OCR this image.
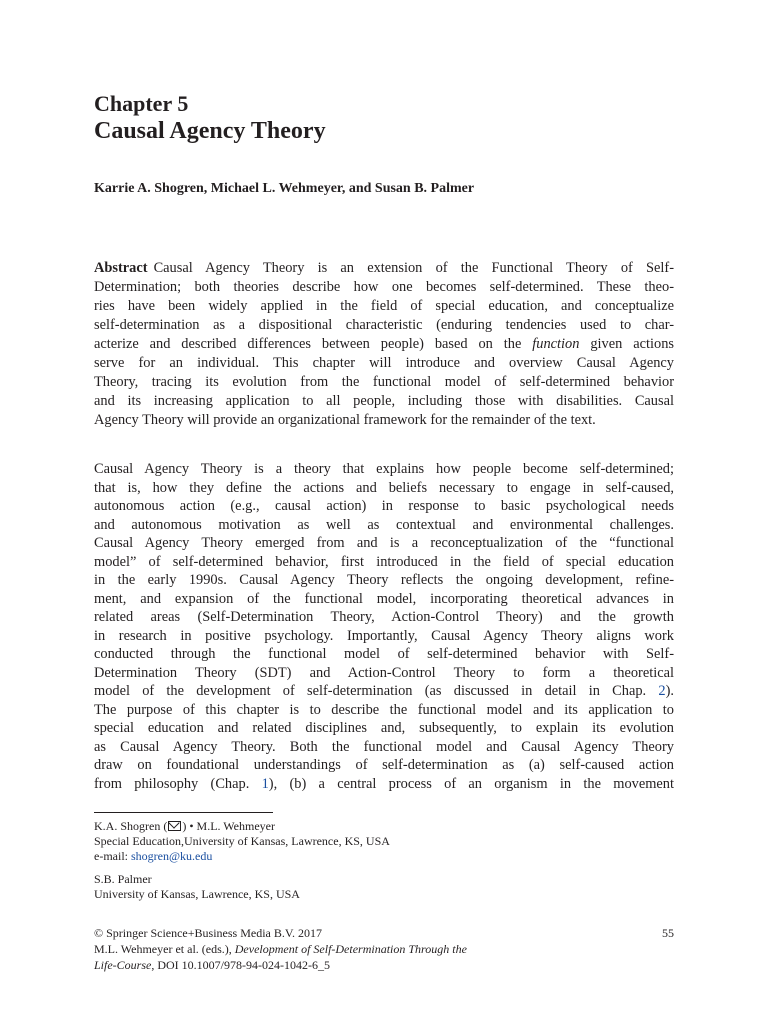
Chapter 5
Causal Agency Theory
Karrie A. Shogren, Michael L. Wehmeyer, and Susan B. Palmer
Abstract Causal Agency Theory is an extension of the Functional Theory of Self-
Determination; both theories describe how one becomes self-determined. These theo-
ries have been widely applied in the field of special education, and conceptualize
self-determination as a dispositional characteristic (enduring tendencies used to char-
acterize and described differences between people) based on the function given actions
serve for an individual. This chapter will introduce and overview Causal Agency
Theory, tracing its evolution from the functional model of self-determined behavior
and its increasing application to all people, including those with disabilities. Causal
Agency Theory will provide an organizational framework for the remainder of the text.
Causal Agency Theory is a theory that explains how people become self-determined;
that is, how they define the actions and beliefs necessary to engage in self-caused,
autonomous action (e.g., causal action) in response to basic psychological needs
and autonomous motivation as well as contextual and environmental challenges.
Causal Agency Theory emerged from and is a reconceptualization of the “functional
model” of self-determined behavior, first introduced in the field of special education
in the early 1990s. Causal Agency Theory reflects the ongoing development, refine-
ment, and expansion of the functional model, incorporating theoretical advances in
related areas (Self-Determination Theory, Action-Control Theory) and the growth
in research in positive psychology. Importantly, Causal Agency Theory aligns work
conducted through the functional model of self-determined behavior with Self-
Determination Theory (SDT) and Action-Control Theory to form a theoretical
model of the development of self-determination (as discussed in detail in Chap. 2).
The purpose of this chapter is to describe the functional model and its application to
special education and related disciplines and, subsequently, to explain its evolution
as Causal Agency Theory. Both the functional model and Causal Agency Theory
draw on foundational understandings of self-determination as (a) self-caused action
from philosophy (Chap. 1), (b) a central process of an organism in the movement
K.A. Shogren ( ) • M.L. Wehmeyer
Special Education,University of Kansas, Lawrence, KS, USA
e-mail: shogren@ku.edu
S.B. Palmer
University of Kansas, Lawrence, KS, USA
© Springer Science+Business Media B.V. 2017	55
M.L. Wehmeyer et al. (eds.), Development of Self-Determination Through the
Life-Course, DOI 10.1007/978-94-024-1042-6_5
